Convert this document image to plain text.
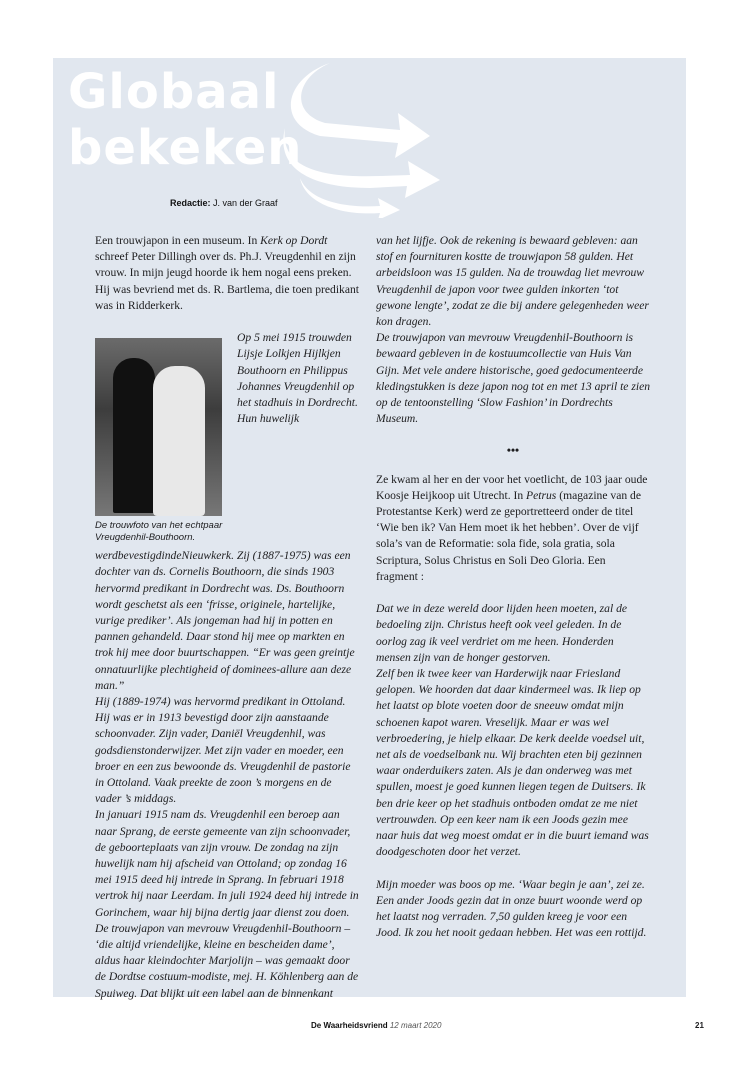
Globaal
bekeken
Redactie: J. van der Graaf

Een trouwjapon in een museum. In Kerk op Dordt schreef Peter Dillingh over ds. Ph.J. Vreugdenhil en zijn vrouw. In mijn jeugd hoorde ik hem nogal eens preken. Hij was bevriend met ds. R. Bartlema, die toen predikant was in Ridderkerk.

De trouwfoto van het echtpaar Vreugdenhil-Bouthoorn.

Op 5 mei 1915 trouwden Lijsje Lolkjen Hijlkjen Bouthoorn en Philippus Johannes Vreugdenhil op het stadhuis in Dordrecht. Hun huwelijk werdbevestigdindeNieuwkerk. Zij (1887-1975) was een dochter van ds. Cornelis Bouthoorn, die sinds 1903 hervormd predikant in Dordrecht was. Ds. Bouthoorn wordt geschetst als een ‘frisse, originele, hartelijke, vurige prediker’. Als jongeman had hij in potten en pannen gehandeld. Daar stond hij mee op markten en trok hij mee door buurtschappen. “Er was geen greintje onnatuurlijke plechtigheid of dominees-allure aan deze man.”

Hij (1889-1974) was hervormd predikant in Ottoland. Hij was er in 1913 bevestigd door zijn aanstaande schoonvader. Zijn vader, Daniël Vreugdenhil, was godsdienstonderwijzer. Met zijn vader en moeder, een broer en een zus bewoonde ds. Vreugdenhil de pastorie in Ottoland. Vaak preekte de zoon ’s morgens en de vader ’s middags.

In januari 1915 nam ds. Vreugdenhil een beroep aan naar Sprang, de eerste gemeente van zijn schoonvader, de geboorteplaats van zijn vrouw. De zondag na zijn huwelijk nam hij afscheid van Ottoland; op zondag 16 mei 1915 deed hij intrede in Sprang. In februari 1918 vertrok hij naar Leerdam. In juli 1924 deed hij intrede in Gorinchem, waar hij bijna dertig jaar dienst zou doen.

De trouwjapon van mevrouw Vreugdenhil-Bouthoorn – ‘die altijd vriendelijke, kleine en bescheiden dame’, aldus haar kleindochter Marjolijn – was gemaakt door de Dordtse costuum-modiste, mej. H. Köhlenberg aan de Spuiweg. Dat blijkt uit een label aan de binnenkant

van het lijfje. Ook de rekening is bewaard gebleven: aan stof en fournituren kostte de trouwjapon 58 gulden. Het arbeidsloon was 15 gulden. Na de trouwdag liet mevrouw Vreugdenhil de japon voor twee gulden inkorten ‘tot gewone lengte’, zodat ze die bij andere gelegenheden weer kon dragen.

De trouwjapon van mevrouw Vreugdenhil-Bouthoorn is bewaard gebleven in de kostuumcollectie van Huis Van Gijn. Met vele andere historische, goed gedocumenteerde kledingstukken is deze japon nog tot en met 13 april te zien op de tentoonstelling ‘Slow Fashion’ in Dordrechts Museum.

•••

Ze kwam al her en der voor het voetlicht, de 103 jaar oude Koosje Heijkoop uit Utrecht. In Petrus (magazine van de Protestantse Kerk) werd ze geportretteerd onder de titel ‘Wie ben ik? Van Hem moet ik het hebben’. Over de vijf sola’s van de Reformatie: sola fide, sola gratia, sola Scriptura, Solus Christus en Soli Deo Gloria. Een fragment :

Dat we in deze wereld door lijden heen moeten, zal de bedoeling zijn. Christus heeft ook veel geleden. In de oorlog zag ik veel verdriet om me heen. Honderden mensen zijn van de honger gestorven.

Zelf ben ik twee keer van Harderwijk naar Friesland gelopen. We hoorden dat daar kindermeel was. Ik liep op het laatst op blote voeten door de sneeuw omdat mijn schoenen kapot waren. Vreselijk. Maar er was wel verbroedering, je hielp elkaar. De kerk deelde voedsel uit, net als de voedselbank nu. Wij brachten eten bij gezinnen waar onderduikers zaten. Als je dan onderweg was met spullen, moest je goed kunnen liegen tegen de Duitsers. Ik ben drie keer op het stadhuis ontboden omdat ze me niet vertrouwden. Op een keer nam ik een Joods gezin mee naar huis dat weg moest omdat er in die buurt iemand was doodgeschoten door het verzet.

Mijn moeder was boos op me. ‘Waar begin je aan’, zei ze. Een ander Joods gezin dat in onze buurt woonde werd op het laatst nog verraden. 7,50 gulden kreeg je voor een Jood. Ik zou het nooit gedaan hebben. Het was een rottijd.

De Waarheidsvriend 12 maart 2020	21
